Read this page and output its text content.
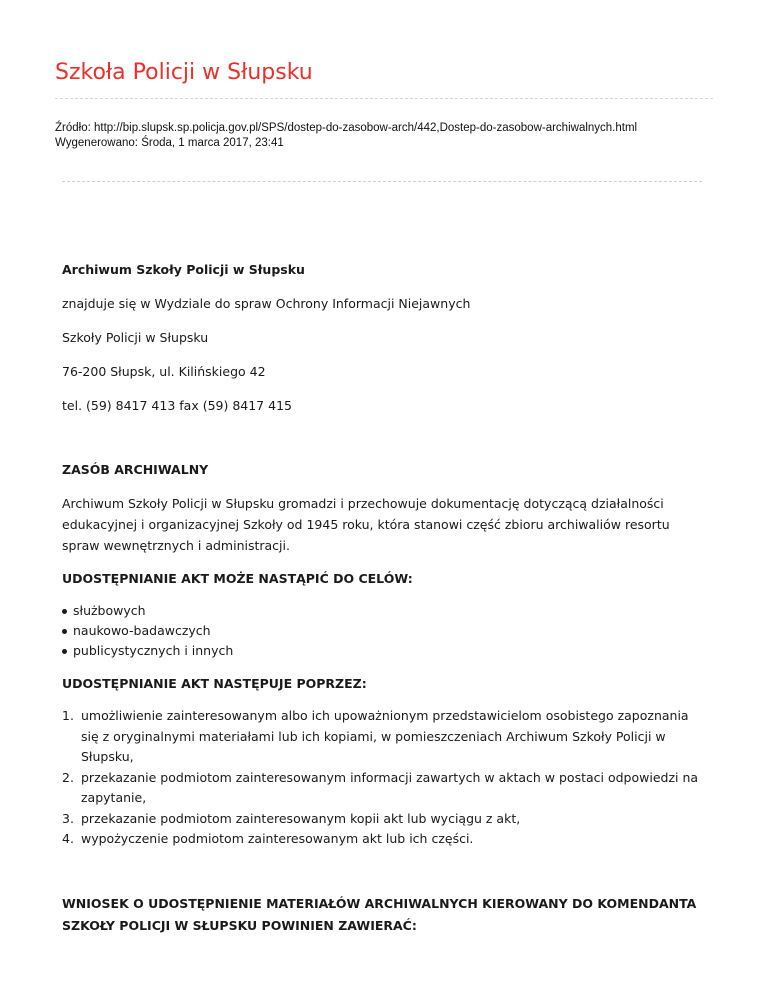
Szkoła Policji w Słupsku
Źródło: http://bip.slupsk.sp.policja.gov.pl/SPS/dostep-do-zasobow-arch/442,Dostep-do-zasobow-archiwalnych.html
Wygenerowano: Środa, 1 marca 2017, 23:41

Archiwum Szkoły Policji w Słupsku

znajduje się w Wydziale do spraw Ochrony Informacji Niejawnych

Szkoły Policji w Słupsku

76-200 Słupsk, ul. Kilińskiego 42

tel. (59) 8417 413 fax (59) 8417 415

ZASÓB ARCHIWALNY

Archiwum Szkoły Policji w Słupsku gromadzi i przechowuje dokumentację dotyczącą działalności edukacyjnej i organizacyjnej Szkoły od 1945 roku, która stanowi część zbioru archiwaliów resortu spraw wewnętrznych i administracji.

UDOSTĘPNIANIE AKT MOŻE NASTĄPIĆ DO CELÓW:

służbowych
naukowo-badawczych
publicystycznych i innych

UDOSTĘPNIANIE AKT NASTĘPUJE POPRZEZ:

1. umożliwienie zainteresowanym albo ich upoważnionym przedstawicielom osobistego zapoznania się z oryginalnymi materiałami lub ich kopiami, w pomieszczeniach Archiwum Szkoły Policji w Słupsku,
2. przekazanie podmiotom zainteresowanym informacji zawartych w aktach w postaci odpowiedzi na zapytanie,
3. przekazanie podmiotom zainteresowanym kopii akt lub wyciągu z akt,
4. wypożyczenie podmiotom zainteresowanym akt lub ich części.

WNIOSEK O UDOSTĘPNIENIE MATERIAŁÓW ARCHIWALNYCH KIEROWANY DO KOMENDANTA
SZKOŁY POLICJI W SŁUPSKU POWINIEN ZAWIERAĆ:
